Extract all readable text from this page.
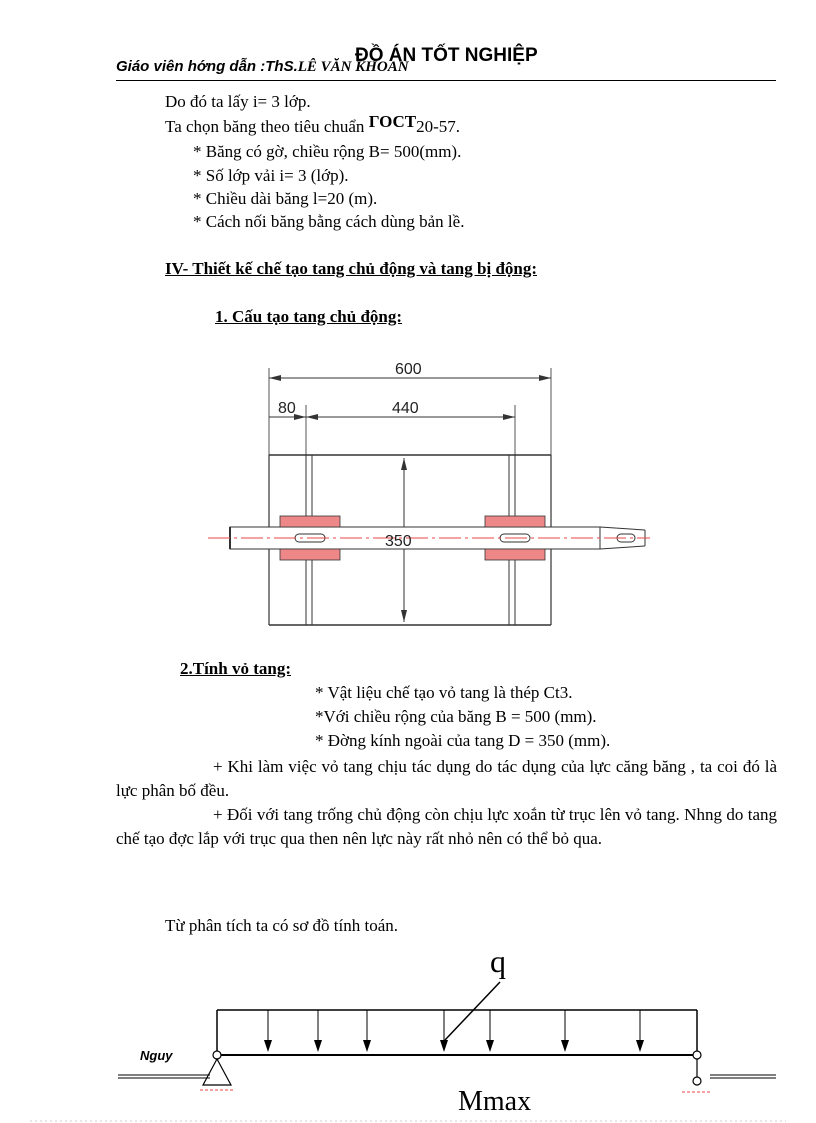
Giáo viên hớng dẫn :ThS.LÊ VĂN KHOAN
ĐỒ ÁN TỐT NGHIỆP
Do đó ta lấy i= 3 lớp.
Ta chọn băng theo tiêu chuẩn ГОСТ20-57.
* Băng có gờ, chiều rộng B= 500(mm).
* Số lớp vải i= 3 (lớp).
* Chiều dài băng l=20 (m).
* Cách nối băng bằng cách dùng bản lề.
IV- Thiết kế chế tạo tang chủ động và tang bị động:
1. Cấu tạo tang chủ động:
600
80	440
350
2.Tính vỏ tang:
* Vật liệu chế tạo vỏ tang là thép Ct3.
*Với chiều rộng của băng B = 500 (mm).
* Đờng kính ngoài của tang D = 350 (mm).
+ Khi làm việc vỏ tang chịu tác dụng do tác dụng của lực căng băng , ta coi đó là lực phân bố đều.
+ Đối với tang trống chủ động còn chịu lực xoắn từ trục lên vỏ tang. Nhng do tang chế tạo đợc lắp với trục qua then nên lực này rất nhỏ nên có thể bỏ qua.
Từ phân tích ta có sơ đồ tính toán.
q
Mmax
Nguy
